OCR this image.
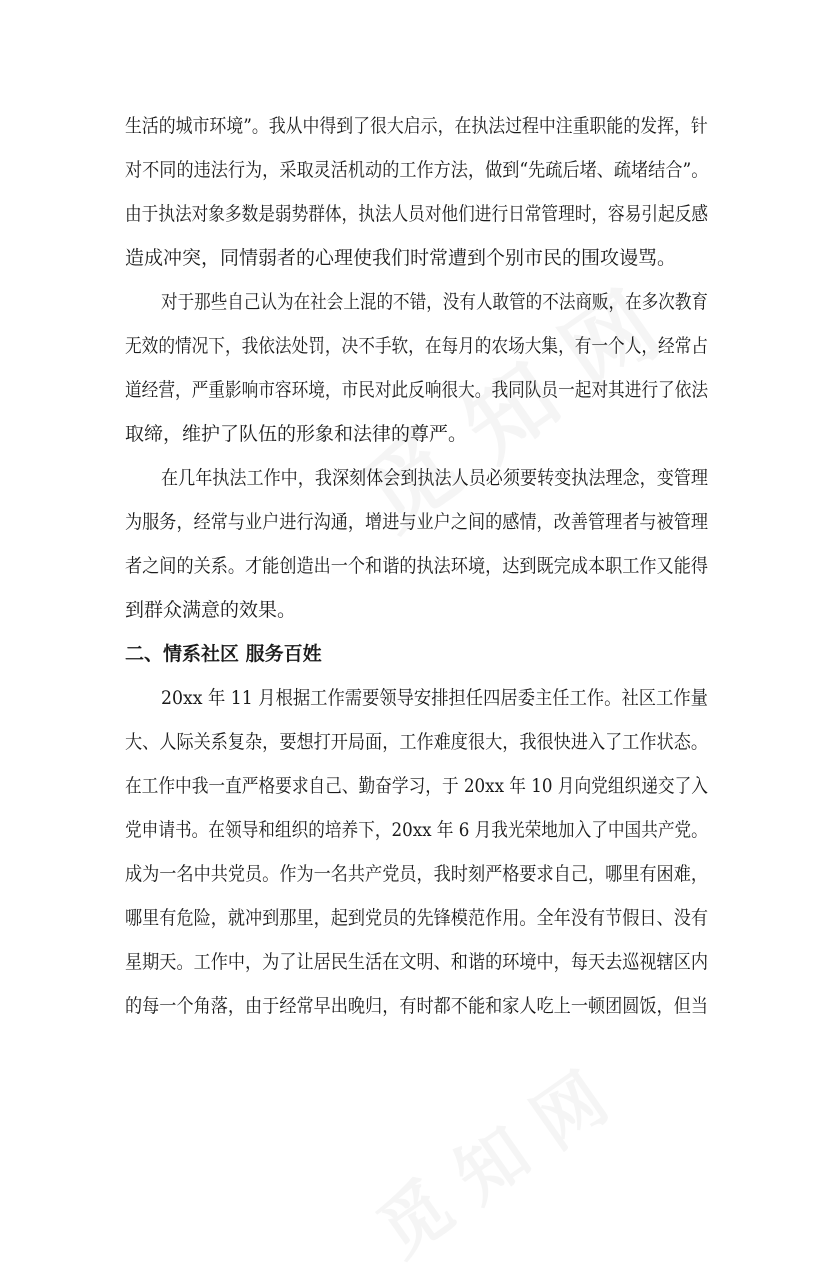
生活的城市环境”。我从中得到了很大启示，在执法过程中注重职能的发挥，针
对不同的违法行为，采取灵活机动的工作方法，做到“先疏后堵、疏堵结合”。
由于执法对象多数是弱势群体，执法人员对他们进行日常管理时，容易引起反感
造成冲突，同情弱者的心理使我们时常遭到个别市民的围攻谩骂。
对于那些自己认为在社会上混的不错，没有人敢管的不法商贩，在多次教育
无效的情况下，我依法处罚，决不手软，在每月的农场大集，有一个人，经常占
道经营，严重影响市容环境，市民对此反响很大。我同队员一起对其进行了依法
取缔，维护了队伍的形象和法律的尊严。
在几年执法工作中，我深刻体会到执法人员必须要转变执法理念，变管理
为服务，经常与业户进行沟通，增进与业户之间的感情，改善管理者与被管理
者之间的关系。才能创造出一个和谐的执法环境，达到既完成本职工作又能得
到群众满意的效果。
二、情系社区 服务百姓
20xx 年 11 月根据工作需要领导安排担任四居委主任工作。社区工作量
大、人际关系复杂，要想打开局面，工作难度很大，我很快进入了工作状态。
在工作中我一直严格要求自己、勤奋学习，于 20xx 年 10 月向党组织递交了入
党申请书。在领导和组织的培养下，20xx 年 6 月我光荣地加入了中国共产党。
成为一名中共党员。作为一名共产党员，我时刻严格要求自己，哪里有困难，
哪里有危险，就冲到那里，起到党员的先锋模范作用。全年没有节假日、没有
星期天。工作中，为了让居民生活在文明、和谐的环境中，每天去巡视辖区内
的每一个角落，由于经常早出晚归，有时都不能和家人吃上一顿团圆饭，但当
